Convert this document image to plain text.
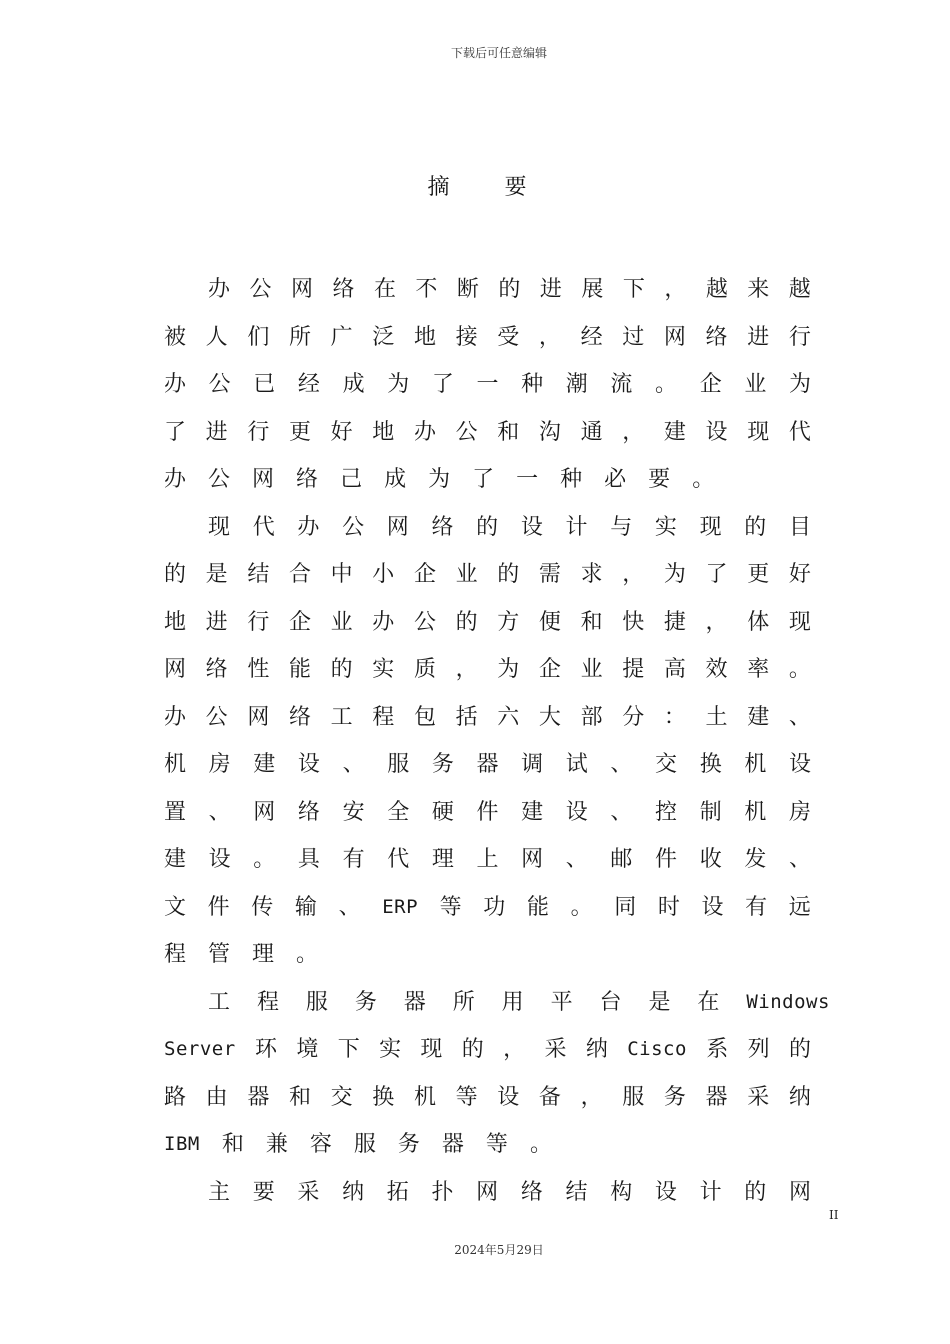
下载后可任意编辑
摘 要
办 公 网 络 在 不 断 的 进 展 下 ， 越 来 越
被 人 们 所 广 泛 地 接 受 ， 经 过 网 络 进 行
办 公 已 经 成 为 了 一 种 潮 流 。 企 业 为
了 进 行 更 好 地 办 公 和 沟 通 ， 建 设 现 代
办 公 网 络 己 成 为 了 一 种 必 要 。
现 代 办 公 网 络 的 设 计 与 实 现 的 目
的 是 结 合 中 小 企 业 的 需 求 ， 为 了 更 好
地 进 行 企 业 办 公 的 方 便 和 快 捷 ， 体 现
网 络 性 能 的 实 质 ， 为 企 业 提 高 效 率 。
办 公 网 络 工 程 包 括 六 大 部 分 ： 土 建 、
机 房 建 设 、 服 务 器 调 试 、 交 换 机 设
置 、 网 络 安 全 硬 件 建 设 、 控 制 机 房
建 设 。 具 有 代 理 上 网 、 邮 件 收 发 、
文 件 传 输 、 ERP 等 功 能 。 同 时 设 有 远
程 管 理 。
工 程 服 务 器 所 用 平 台 是 在 Windows
Server 环 境 下 实 现 的 ， 采 纳 Cisco 系 列 的
路 由 器 和 交 换 机 等 设 备 ， 服 务 器 采 纳
IBM 和 兼 容 服 务 器 等 。
主 要 采 纳 拓 扑 网 络 结 构 设 计 的 网
II
2024年5月29日
